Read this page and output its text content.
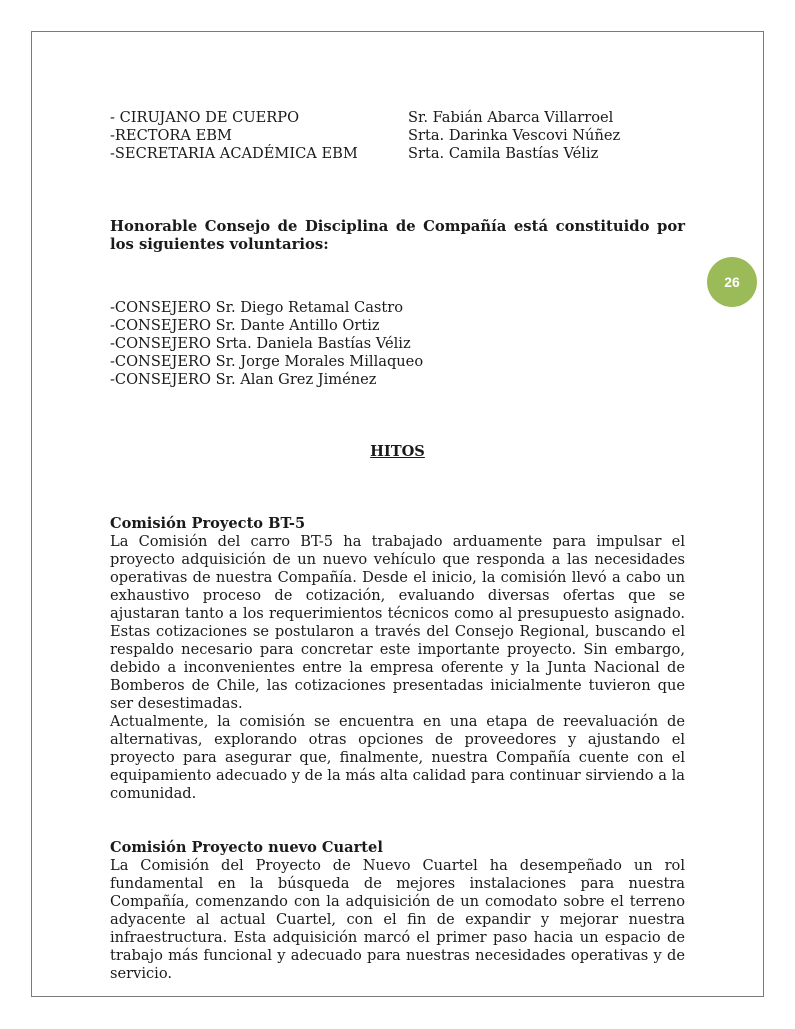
26
- CIRUJANO DE CUERPO	Sr. Fabián Abarca Villarroel
-RECTORA EBM	Srta. Darinka Vescovi Núñez
-SECRETARIA ACADÉMICA EBM	Srta. Camila Bastías Véliz
Honorable Consejo de Disciplina de Compañía está constituido por los siguientes voluntarios:
-CONSEJERO Sr. Diego Retamal Castro
-CONSEJERO Sr. Dante Antillo Ortiz
-CONSEJERO Srta. Daniela Bastías Véliz
-CONSEJERO Sr. Jorge Morales Millaqueo
-CONSEJERO Sr. Alan Grez Jiménez
HITOS
Comisión Proyecto BT-5
La Comisión del carro BT-5 ha trabajado arduamente para impulsar el proyecto adquisición de un nuevo vehículo que responda a las necesidades operativas de nuestra Compañía. Desde el inicio, la comisión llevó a cabo un exhaustivo proceso de cotización, evaluando diversas ofertas que se ajustaran tanto a los requerimientos técnicos como al presupuesto asignado. Estas cotizaciones se postularon a través del Consejo Regional, buscando el respaldo necesario para concretar este importante proyecto. Sin embargo, debido a inconvenientes entre la empresa oferente y la Junta Nacional de Bomberos de Chile, las cotizaciones presentadas inicialmente tuvieron que ser desestimadas.
Actualmente, la comisión se encuentra en una etapa de reevaluación de alternativas, explorando otras opciones de proveedores y ajustando el proyecto para asegurar que, finalmente, nuestra Compañía cuente con el equipamiento adecuado y de la más alta calidad para continuar sirviendo a la comunidad.
Comisión Proyecto nuevo Cuartel
La Comisión del Proyecto de Nuevo Cuartel ha desempeñado un rol fundamental en la búsqueda de mejores instalaciones para nuestra Compañía, comenzando con la adquisición de un comodato sobre el terreno adyacente al actual Cuartel, con el fin de expandir y mejorar nuestra infraestructura. Esta adquisición marcó el primer paso hacia un espacio de trabajo más funcional y adecuado para nuestras necesidades operativas y de servicio.
